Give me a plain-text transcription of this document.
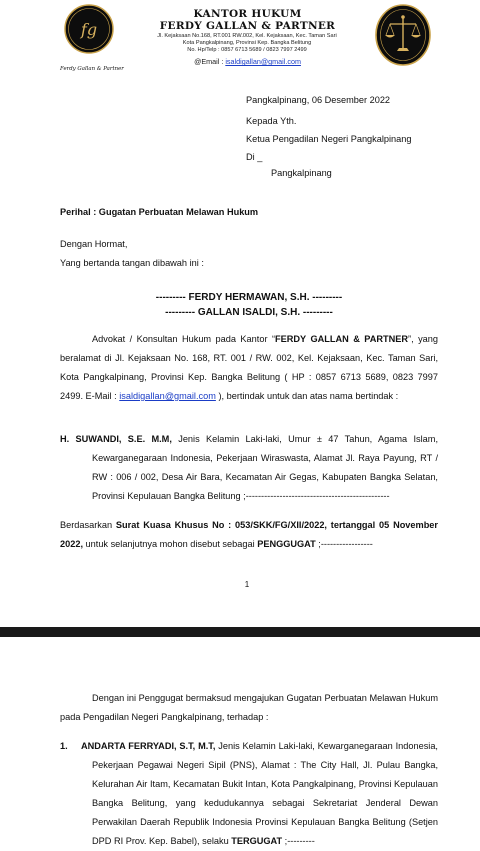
fg
Ferdy Gallan & Partner
KANTOR HUKUM
FERDY GALLAN & PARTNER
Jl. Kejaksaan No.168, RT.001 RW.002, Kel. Kejaksaan, Kec. Taman Sari
Kota Pangkalpinang, Provinsi Kep. Bangka Belitung
No. Hp/Telp : 0857 6713 5689 / 0823 7997 2499
@Email : isaldigallan@gmail.com
Pangkalpinang, 06 Desember 2022
Kepada Yth.
Ketua Pengadilan Negeri Pangkalpinang
Di _
Pangkalpinang
Perihal : Gugatan Perbuatan Melawan Hukum
Dengan Hormat,
Yang bertanda tangan dibawah ini :
--------- FERDY HERMAWAN, S.H. ---------
--------- GALLAN ISALDI, S.H. ---------
Advokat / Konsultan Hukum pada Kantor “FERDY GALLAN & PARTNER”, yang beralamat di Jl. Kejaksaan No. 168, RT. 001 / RW. 002, Kel. Kejaksaan, Kec. Taman Sari, Kota Pangkalpinang, Provinsi Kep. Bangka Belitung ( HP : 0857 6713 5689, 0823 7997 2499. E-Mail : isaldigallan@gmail.com ), bertindak untuk dan atas nama bertindak :
H. SUWANDI, S.E. M.M, Jenis Kelamin Laki-laki, Umur ± 47 Tahun, Agama Islam, Kewarganegaraan Indonesia, Pekerjaan Wiraswasta, Alamat Jl. Raya Payung, RT / RW : 006 / 002, Desa Air Bara, Kecamatan Air Gegas, Kabupaten Bangka Selatan, Provinsi Kepulauan Bangka Belitung ;-----------------------------------------------
Berdasarkan Surat Kuasa Khusus No : 053/SKK/FG/XII/2022, tertanggal 05 November 2022, untuk selanjutnya mohon disebut sebagai PENGGUGAT ;-----------------
1
Dengan ini Penggugat bermaksud mengajukan Gugatan Perbuatan Melawan Hukum pada Pengadilan Negeri Pangkalpinang, terhadap :
1.	ANDARTA FERRYADI, S.T, M.T, Jenis Kelamin Laki-laki, Kewarganegaraan Indonesia, Pekerjaan Pegawai Negeri Sipil (PNS), Alamat : The City Hall, Jl. Pulau Bangka, Kelurahan Air Itam, Kecamatan Bukit Intan, Kota Pangkalpinang, Provinsi Kepulauan Bangka Belitung, yang kedudukannya sebagai Sekretariat Jenderal Dewan Perwakilan Daerah Republik Indonesia Provinsi Kepulauan Bangka Belitung (Setjen DPD RI Prov. Kep. Babel), selaku TERGUGAT ;---------
